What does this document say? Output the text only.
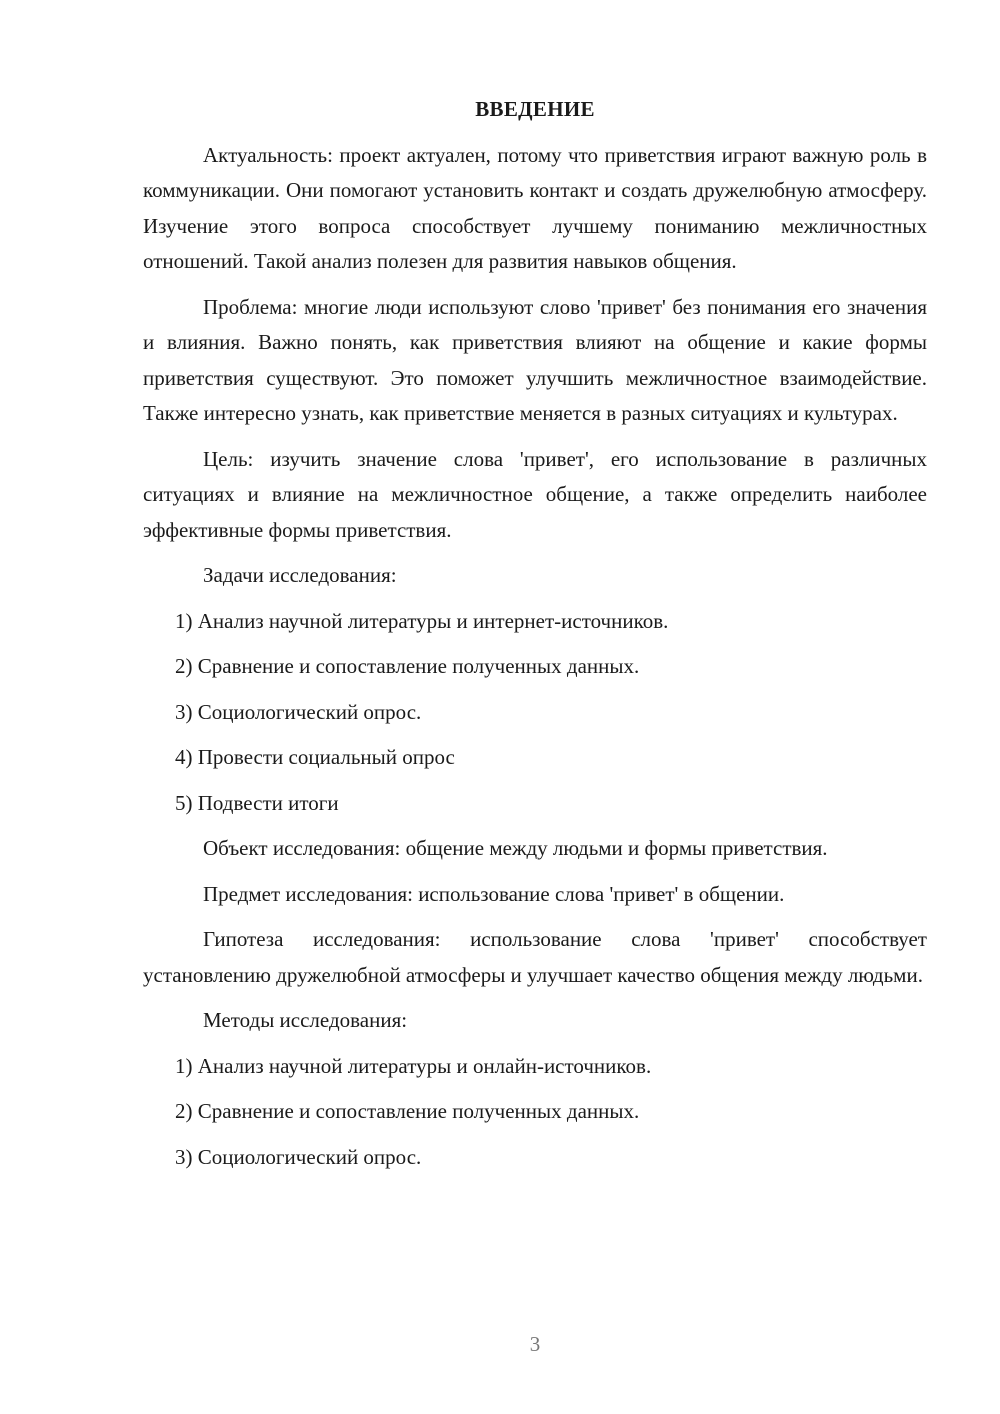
ВВЕДЕНИЕ

Актуальность: проект актуален, потому что приветствия играют важную роль в коммуникации. Они помогают установить контакт и создать дружелюбную атмосферу. Изучение этого вопроса способствует лучшему пониманию межличностных отношений. Такой анализ полезен для развития навыков общения.

Проблема: многие люди используют слово 'привет' без понимания его значения и влияния. Важно понять, как приветствия влияют на общение и какие формы приветствия существуют. Это поможет улучшить межличностное взаимодействие. Также интересно узнать, как приветствие меняется в разных ситуациях и культурах.

Цель: изучить значение слова 'привет', его использование в различных ситуациях и влияние на межличностное общение, а также определить наиболее эффективные формы приветствия.

Задачи исследования:

1) Анализ научной литературы и интернет-источников.
2) Сравнение и сопоставление полученных данных.
3) Социологический опрос.
4) Провести социальный опрос
5) Подвести итоги

Объект исследования: общение между людьми и формы приветствия.

Предмет исследования: использование слова 'привет' в общении.

Гипотеза исследования: использование слова 'привет' способствует установлению дружелюбной атмосферы и улучшает качество общения между людьми.

Методы исследования:

1) Анализ научной литературы и онлайн-источников.
2) Сравнение и сопоставление полученных данных.
3) Социологический опрос.
3
